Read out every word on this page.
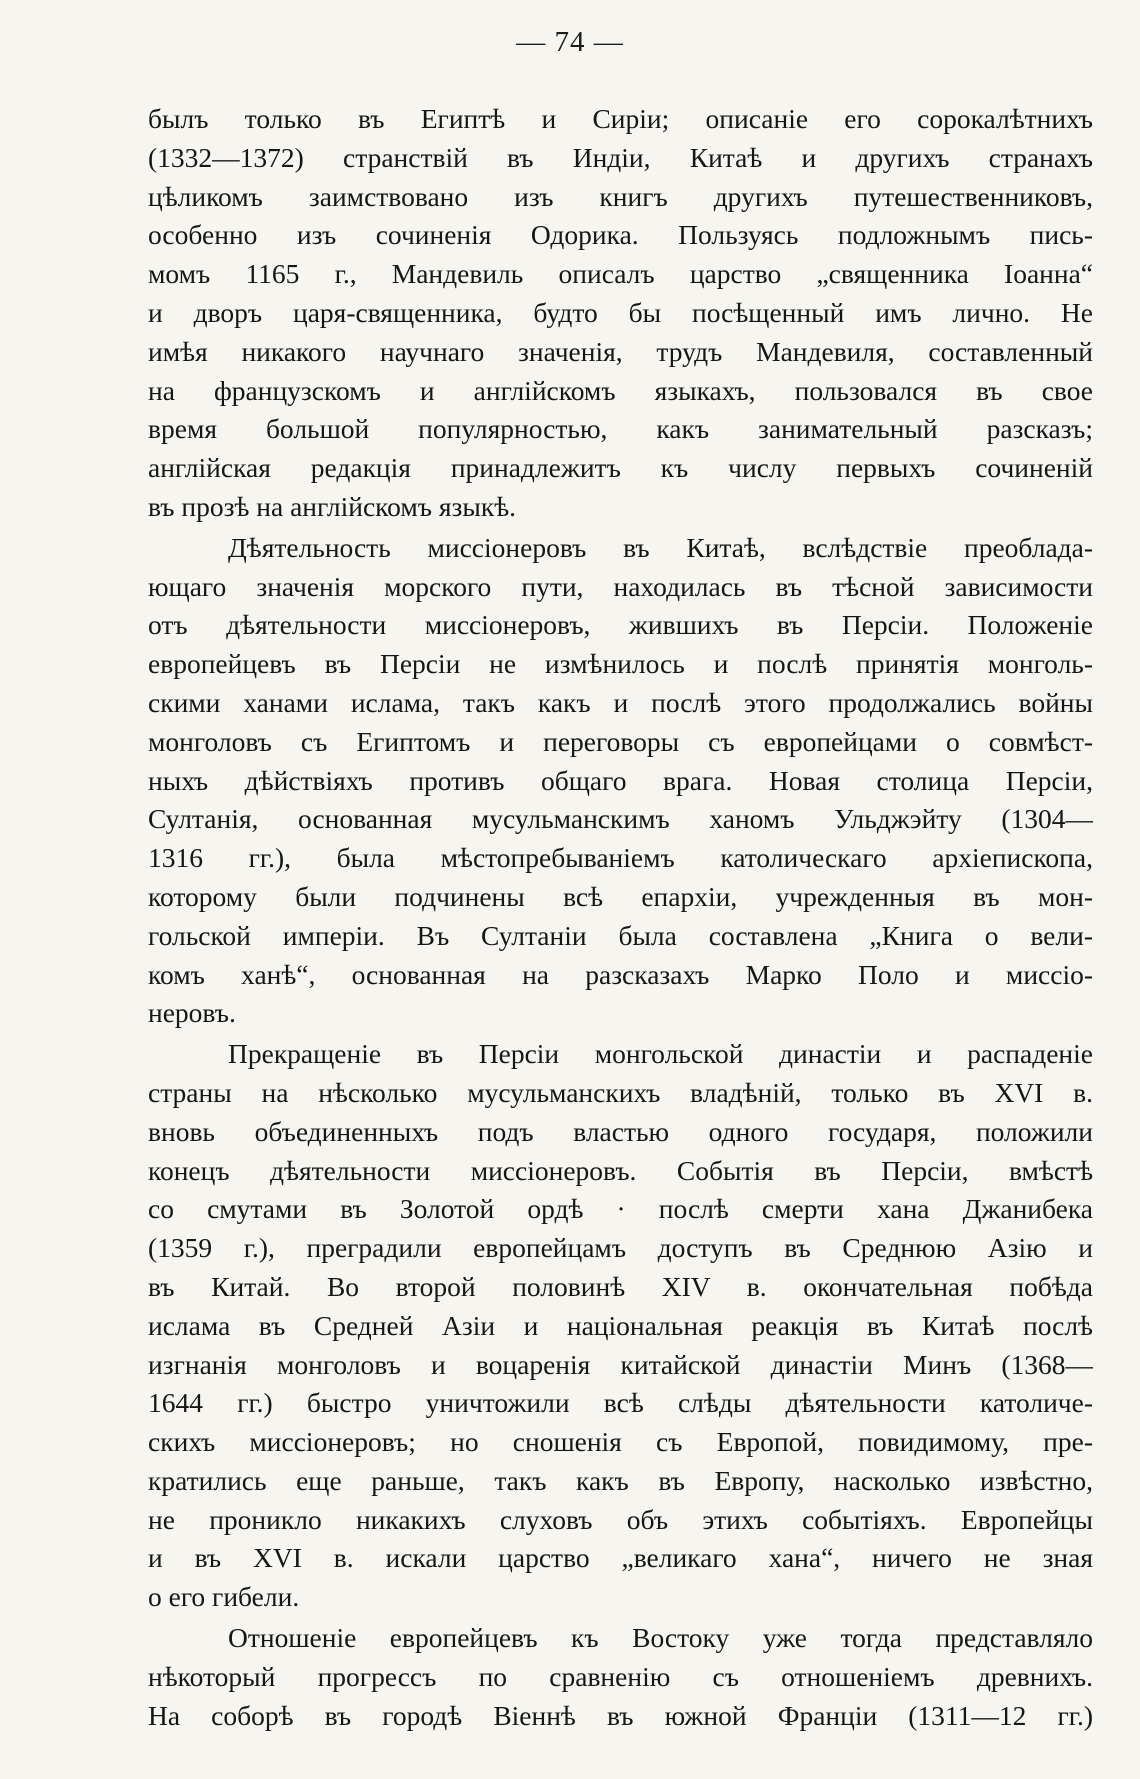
— 74 —
былъ только въ Египтѣ и Сиріи; описаніе его сорокалѣтнихъ
(1332—1372) странствій въ Индіи, Китаѣ и другихъ странахъ
цѣликомъ заимствовано изъ книгъ другихъ путешественниковъ,
особенно изъ сочиненія Одорика. Пользуясь подложнымъ пись-
момъ 1165 г., Мандевиль описалъ царство „священника Іоанна“
и дворъ царя-священника, будто бы посѣщенный имъ лично. Не
имѣя никакого научнаго значенія, трудъ Мандевиля, составленный
на французскомъ и англійскомъ языкахъ, пользовался въ свое
время большой популярностью, какъ занимательный разсказъ;
англійская редакція принадлежитъ къ числу первыхъ сочиненій
въ прозѣ на англійскомъ языкѣ.
Дѣятельность миссіонеровъ въ Китаѣ, вслѣдствіе преоблада-
ющаго значенія морского пути, находилась въ тѣсной зависимости
отъ дѣятельности миссіонеровъ, жившихъ въ Персіи. Положеніе
европейцевъ въ Персіи не измѣнилось и послѣ принятія монголь-
скими ханами ислама, такъ какъ и послѣ этого продолжались войны
монголовъ съ Египтомъ и переговоры съ европейцами о совмѣст-
ныхъ дѣйствіяхъ противъ общаго врага. Новая столица Персіи,
Султанія, основанная мусульманскимъ ханомъ Ульджэйту (1304—
1316 гг.), была мѣстопребываніемъ католическаго архіепископа,
которому были подчинены всѣ епархіи, учрежденныя въ мон-
гольской имперіи. Въ Султаніи была составлена „Книга о вели-
комъ ханѣ“, основанная на разсказахъ Марко Поло и миссіо-
неровъ.
Прекращеніе въ Персіи монгольской династіи и распаденіе
страны на нѣсколько мусульманскихъ владѣній, только въ XVI в.
вновь объединенныхъ подъ властью одного государя, положили
конецъ дѣятельности миссіонеровъ. Событія въ Персіи, вмѣстѣ
со смутами въ Золотой ордѣ · послѣ смерти хана Джанибека
(1359 г.), преградили европейцамъ доступъ въ Среднюю Азію и
въ Китай. Во второй половинѣ XIV в. окончательная побѣда
ислама въ Средней Азіи и національная реакція въ Китаѣ послѣ
изгнанія монголовъ и воцаренія китайской династіи Минъ (1368—
1644 гг.) быстро уничтожили всѣ слѣды дѣятельности католиче-
скихъ миссіонеровъ; но сношенія съ Европой, повидимому, пре-
кратились еще раньше, такъ какъ въ Европу, насколько извѣстно,
не проникло никакихъ слуховъ объ этихъ событіяхъ. Европейцы
и въ XVI в. искали царство „великаго хана“, ничего не зная
о его гибели.
Отношеніе европейцевъ къ Востоку уже тогда представляло
нѣкоторый прогрессъ по сравненію съ отношеніемъ древнихъ.
На соборѣ въ городѣ Віеннѣ въ южной Франціи (1311—12 гг.)
